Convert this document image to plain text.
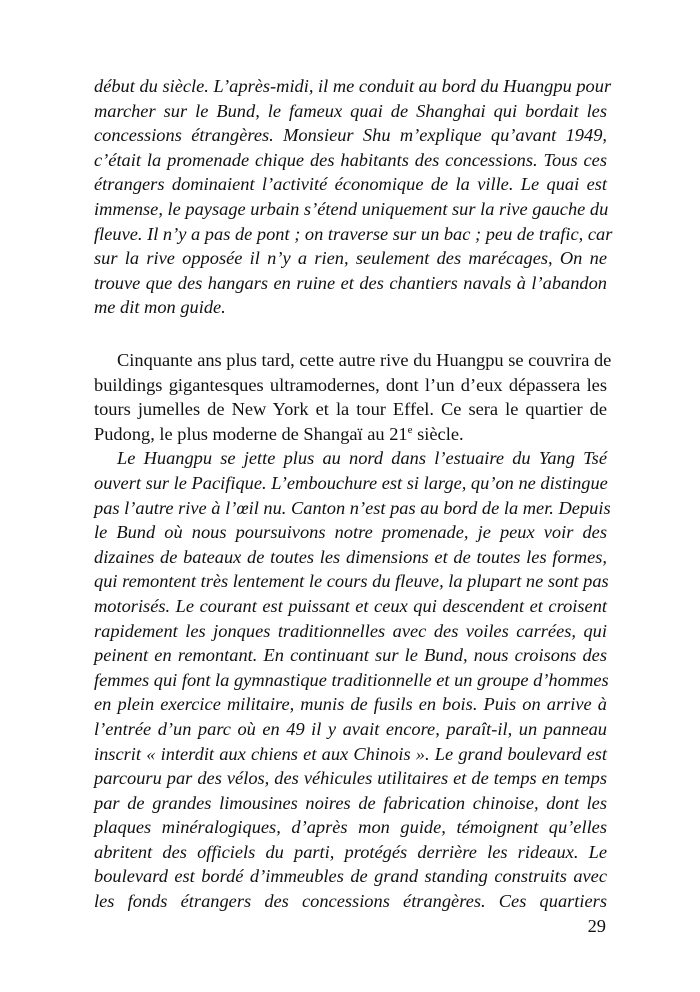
début du siècle. L’après-midi, il me conduit au bord du Huangpu pour
marcher sur le Bund, le fameux quai de Shanghai qui bordait les
concessions étrangères. Monsieur Shu m’explique qu’avant 1949,
c’était la promenade chique des habitants des concessions. Tous ces
étrangers dominaient l’activité économique de la ville. Le quai est
immense, le paysage urbain s’étend uniquement sur la rive gauche du
fleuve. Il n’y a pas de pont ; on traverse sur un bac ; peu de trafic, car
sur la rive opposée il n’y a rien, seulement des marécages, On ne
trouve que des hangars en ruine et des chantiers navals à l’abandon
me dit mon guide.
Cinquante ans plus tard, cette autre rive du Huangpu se couvrira de
buildings gigantesques ultramodernes, dont l’un d’eux dépassera les
tours jumelles de New York et la tour Effel. Ce sera le quartier de
Pudong, le plus moderne de Shangaï au 21e siècle.
Le Huangpu se jette plus au nord dans l’estuaire du Yang Tsé
ouvert sur le Pacifique. L’embouchure est si large, qu’on ne distingue
pas l’autre rive à l’œil nu. Canton n’est pas au bord de la mer. Depuis
le Bund où nous poursuivons notre promenade, je peux voir des
dizaines de bateaux de toutes les dimensions et de toutes les formes,
qui remontent très lentement le cours du fleuve, la plupart ne sont pas
motorisés. Le courant est puissant et ceux qui descendent et croisent
rapidement les jonques traditionnelles avec des voiles carrées, qui
peinent en remontant. En continuant sur le Bund, nous croisons des
femmes qui font la gymnastique traditionnelle et un groupe d’hommes
en plein exercice militaire, munis de fusils en bois. Puis on arrive à
l’entrée d’un parc où en 49 il y avait encore, paraît-il, un panneau
inscrit « interdit aux chiens et aux Chinois ». Le grand boulevard est
parcouru par des vélos, des véhicules utilitaires et de temps en temps
par de grandes limousines noires de fabrication chinoise, dont les
plaques minéralogiques, d’après mon guide, témoignent qu’elles
abritent des officiels du parti, protégés derrière les rideaux. Le
boulevard est bordé d’immeubles de grand standing construits avec
les fonds étrangers des concessions étrangères. Ces quartiers
29
